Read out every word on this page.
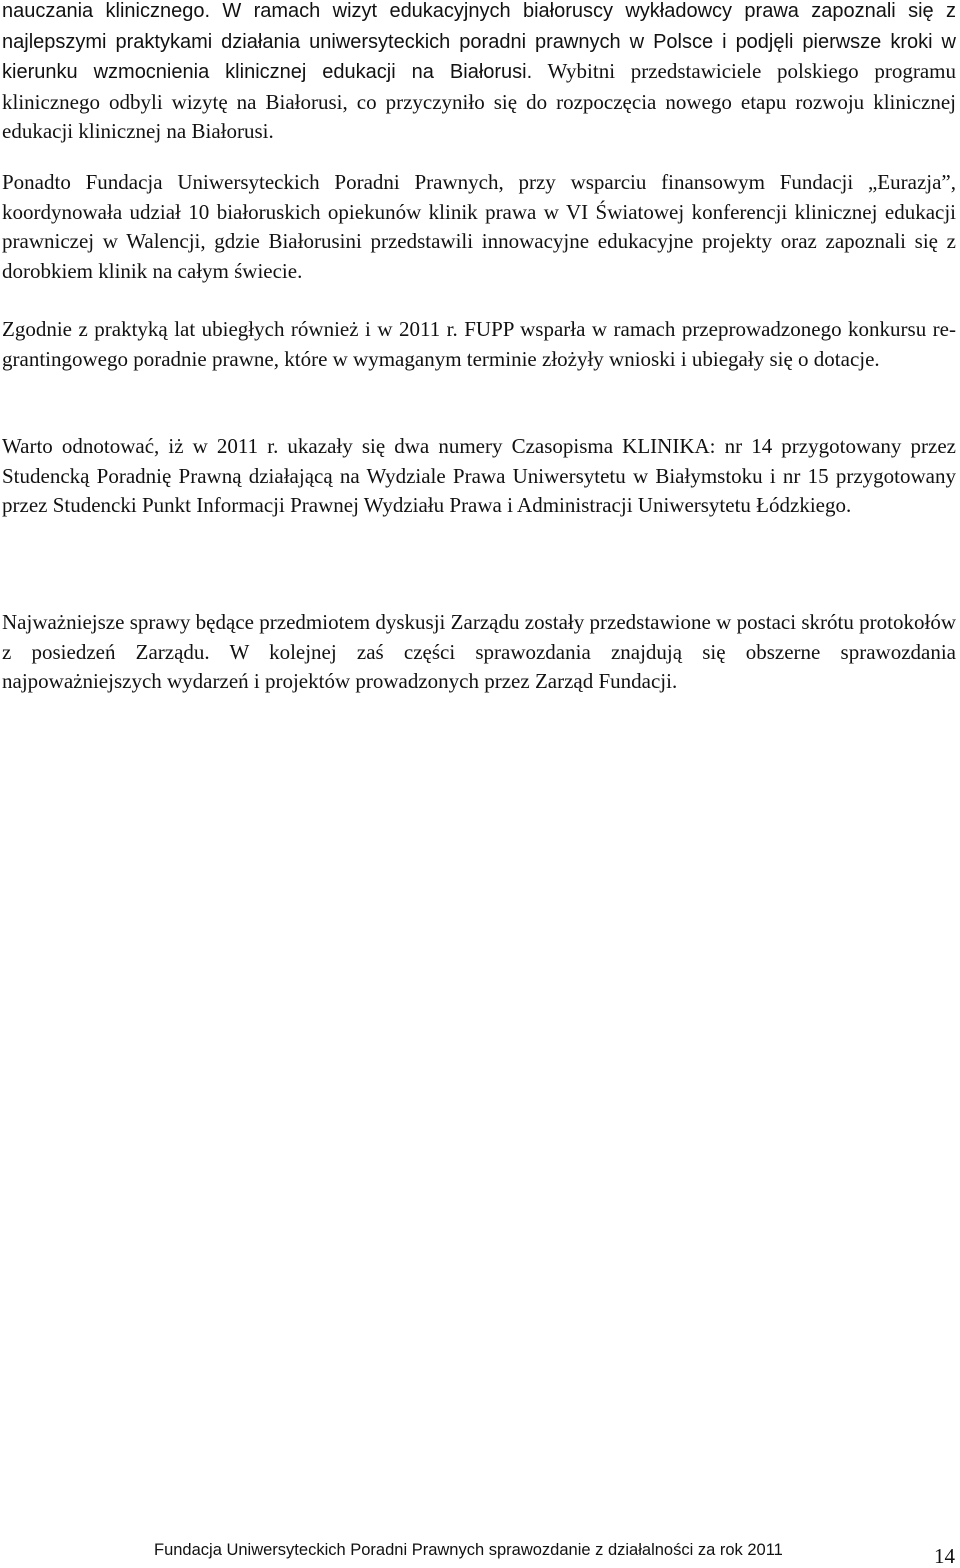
nauczania klinicznego. W ramach wizyt edukacyjnych białoruscy wykładowcy prawa zapoznali się z najlepszymi praktykami działania uniwersyteckich poradni prawnych w Polsce i podjęli pierwsze kroki w kierunku wzmocnienia klinicznej edukacji na Białorusi. Wybitni przedstawiciele polskiego programu klinicznego odbyli wizytę na Białorusi, co przyczyniło się do rozpoczęcia nowego etapu rozwoju klinicznej edukacji klinicznej na Białorusi.

Ponadto Fundacja Uniwersyteckich Poradni Prawnych, przy wsparciu finansowym Fundacji „Eurazja”, koordynowała udział 10 białoruskich opiekunów klinik prawa w VI Światowej konferencji klinicznej edukacji prawniczej w Walencji, gdzie Białorusini przedstawili innowacyjne edukacyjne projekty oraz zapoznali się z dorobkiem klinik na całym świecie.

Zgodnie z praktyką lat ubiegłych również i w 2011 r. FUPP wsparła w ramach przeprowadzonego konkursu re-grantingowego poradnie prawne, które w wymaganym terminie złożyły wnioski i ubiegały się o dotacje.

Warto odnotować, iż w 2011 r. ukazały się dwa numery Czasopisma KLINIKA: nr 14 przygotowany przez Studencką Poradnię Prawną działającą na Wydziale Prawa Uniwersytetu w Białymstoku i nr 15 przygotowany przez Studencki Punkt Informacji Prawnej Wydziału Prawa i Administracji Uniwersytetu Łódzkiego.

Najważniejsze sprawy będące przedmiotem dyskusji Zarządu zostały przedstawione w postaci skrótu protokołów z posiedzeń Zarządu. W kolejnej zaś części sprawozdania znajdują się obszerne sprawozdania najpoważniejszych wydarzeń i projektów prowadzonych przez Zarząd Fundacji.

Fundacja Uniwersyteckich Poradni Prawnych sprawozdanie z działalności za rok 2011	14
